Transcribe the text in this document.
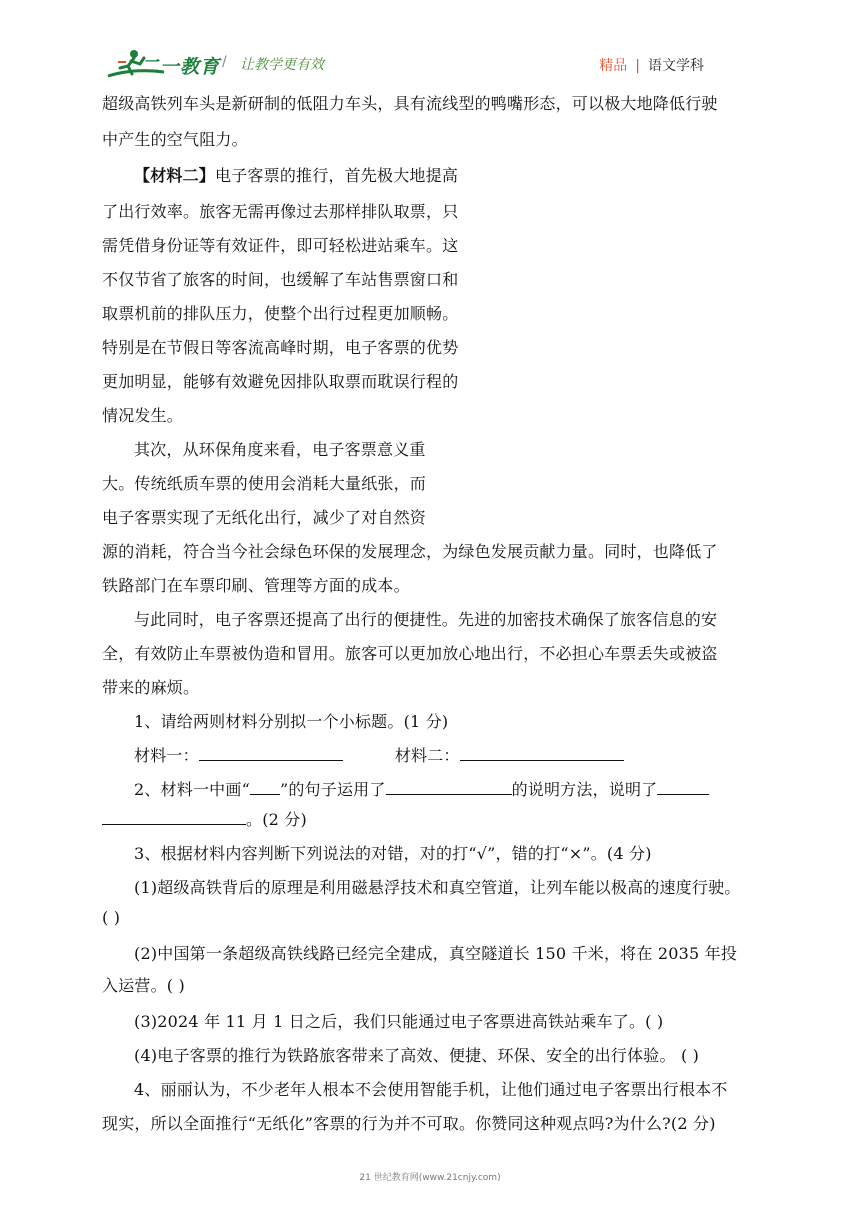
二一教育 / 让教学更有效	精品 | 语文学科
超级高铁列车头是新研制的低阻力车头，具有流线型的鸭嘴形态，可以极大地降低行驶
中产生的空气阻力。
【材料二】电子客票的推行，首先极大地提高
了出行效率。旅客无需再像过去那样排队取票，只
需凭借身份证等有效证件，即可轻松进站乘车。这
不仅节省了旅客的时间，也缓解了车站售票窗口和
取票机前的排队压力，使整个出行过程更加顺畅。
特别是在节假日等客流高峰时期，电子客票的优势
更加明显，能够有效避免因排队取票而耽误行程的
情况发生。
其次，从环保角度来看，电子客票意义重
大。传统纸质车票的使用会消耗大量纸张，而
电子客票实现了无纸化出行，减少了对自然资
源的消耗，符合当今社会绿色环保的发展理念，为绿色发展贡献力量。同时，也降低了
铁路部门在车票印刷、管理等方面的成本。
与此同时，电子客票还提高了出行的便捷性。先进的加密技术确保了旅客信息的安
全，有效防止车票被伪造和冒用。旅客可以更加放心地出行，不必担心车票丢失或被盗
带来的麻烦。
1、请给两则材料分别拟一个小标题。(1 分)
材料一：	材料二：
2、材料一中画“ ”的句子运用了	的说明方法，说明了
。(2 分)
3、根据材料内容判断下列说法的对错，对的打“√”，错的打“×”。(4 分)
(1)超级高铁背后的原理是利用磁悬浮技术和真空管道，让列车能以极高的速度行驶。
( )
(2)中国第一条超级高铁线路已经完全建成，真空隧道长 150 千米，将在 2035 年投
入运营。( )
(3)2024 年 11 月 1 日之后，我们只能通过电子客票进高铁站乘车了。( )
(4)电子客票的推行为铁路旅客带来了高效、便捷、环保、安全的出行体验。 ( )
4、丽丽认为，不少老年人根本不会使用智能手机，让他们通过电子客票出行根本不
现实，所以全面推行“无纸化”客票的行为并不可取。你赞同这种观点吗?为什么?(2 分)
21 世纪教育网(www.21cnjy.com)
